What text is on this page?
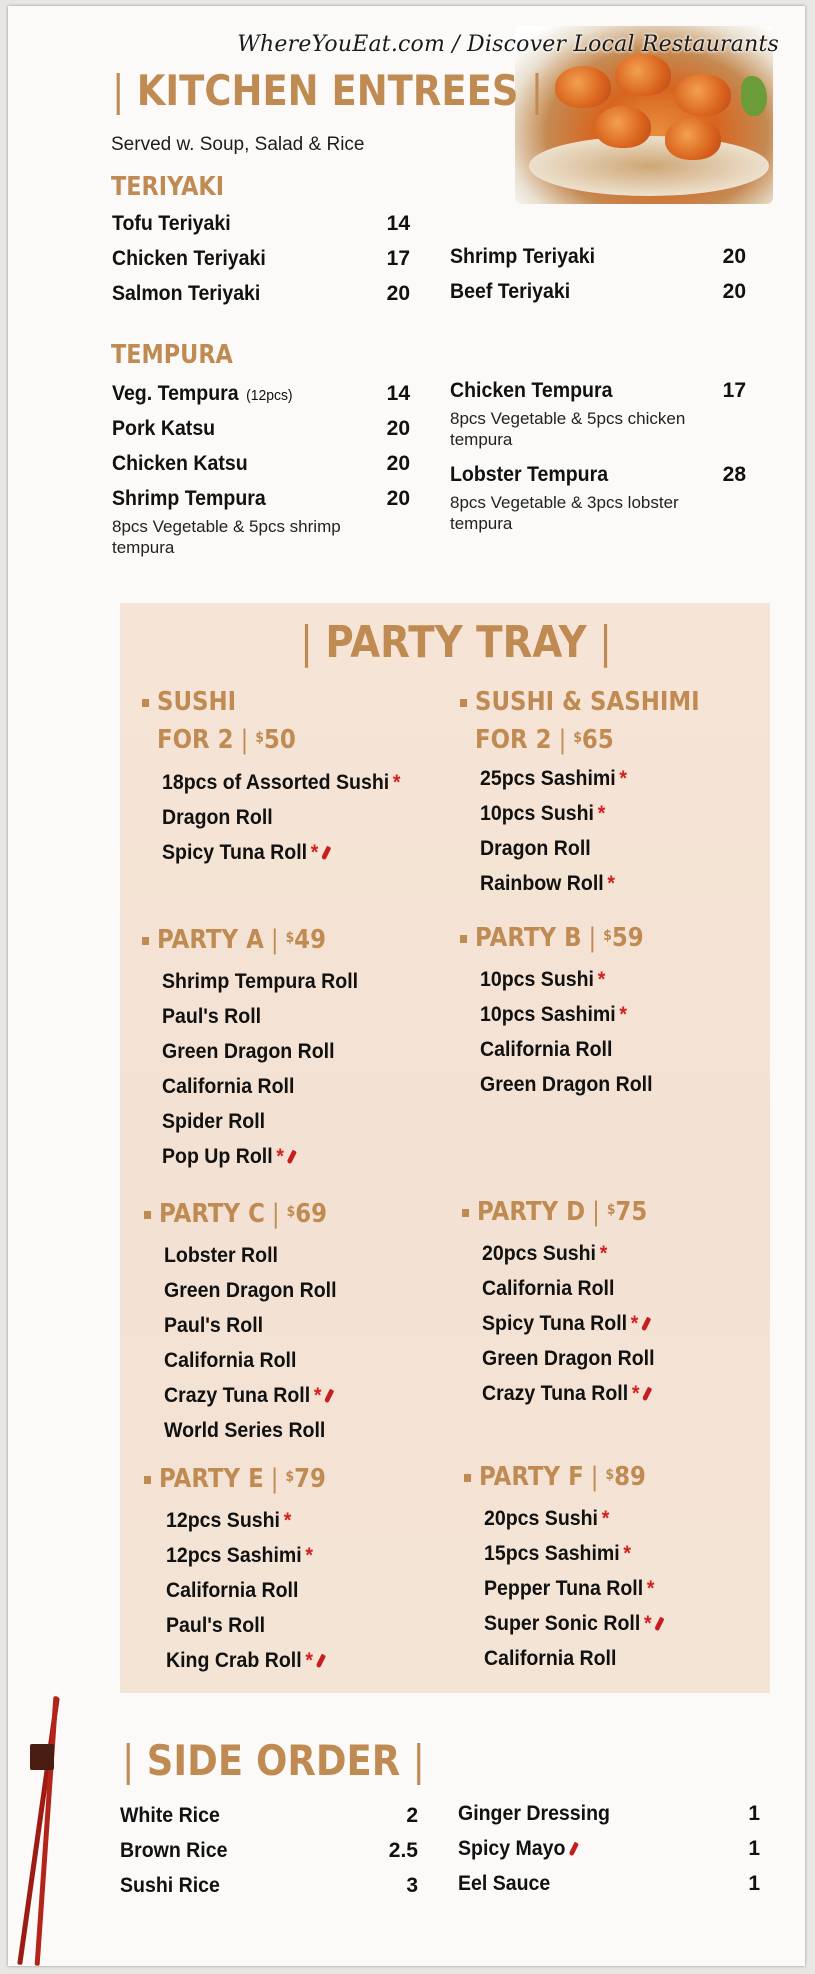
WhereYouEat.com / Discover Local Restaurants
| KITCHEN ENTREES |
Served w. Soup, Salad & Rice
TERIYAKI
Tofu Teriyaki	14
Chicken Teriyaki	17
Salmon Teriyaki	20
Shrimp Teriyaki	20
Beef Teriyaki	20
TEMPURA
Veg. Tempura (12pcs)	14
Pork Katsu	20
Chicken Katsu	20
Shrimp Tempura	20
8pcs Vegetable & 5pcs shrimp tempura
Chicken Tempura	17
8pcs Vegetable & 5pcs chicken tempura
Lobster Tempura	28
8pcs Vegetable & 3pcs lobster tempura
| PARTY TRAY |
SUSHI
FOR 2 | $50
18pcs of Assorted Sushi *
Dragon Roll
Spicy Tuna Roll *
SUSHI & SASHIMI
FOR 2 | $65
25pcs Sashimi *
10pcs Sushi *
Dragon Roll
Rainbow Roll *
PARTY A | $49
Shrimp Tempura Roll
Paul's Roll
Green Dragon Roll
California Roll
Spider Roll
Pop Up Roll *
PARTY B | $59
10pcs Sushi *
10pcs Sashimi *
California Roll
Green Dragon Roll
PARTY C | $69
Lobster Roll
Green Dragon Roll
Paul's Roll
California Roll
Crazy Tuna Roll *
World Series Roll
PARTY D | $75
20pcs Sushi *
California Roll
Spicy Tuna Roll *
Green Dragon Roll
Crazy Tuna Roll *
PARTY E | $79
12pcs Sushi *
12pcs Sashimi *
California Roll
Paul's Roll
King Crab Roll *
PARTY F | $89
20pcs Sushi *
15pcs Sashimi *
Pepper Tuna Roll *
Super Sonic Roll *
California Roll
| SIDE ORDER |
White Rice	2
Brown Rice	2.5
Sushi Rice	3
Ginger Dressing	1
Spicy Mayo	1
Eel Sauce	1
